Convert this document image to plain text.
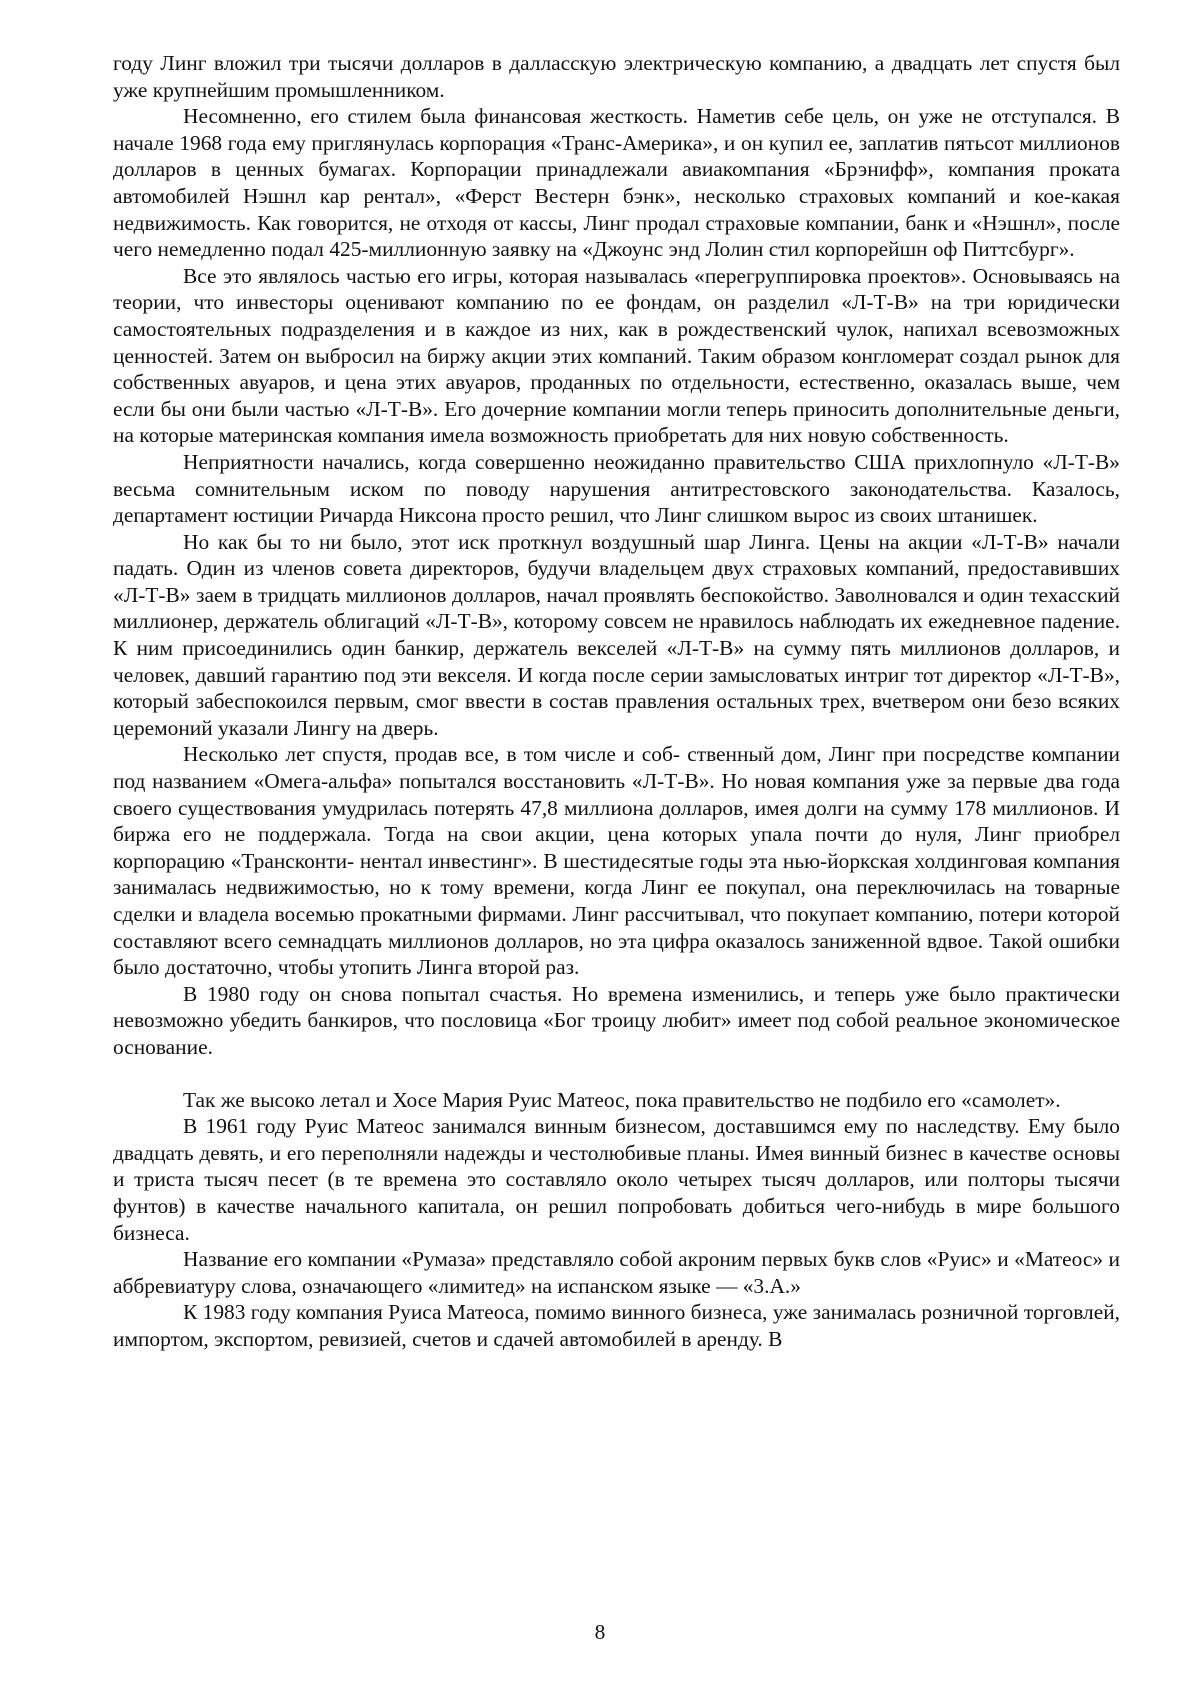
году Линг вложил три тысячи долларов в далласскую электрическую компанию, а двадцать лет спустя был уже крупнейшим промышленником.

Несомненно, его стилем была финансовая жесткость. Наметив себе цель, он уже не отступался. В начале 1968 года ему приглянулась корпорация «Транс-Америка», и он купил ее, заплатив пятьсот миллионов долларов в ценных бумагах. Корпорации принадлежали авиакомпания «Брэнифф», компания проката автомобилей Нэшнл кар рентал», «Ферст Вестерн бэнк», несколько страховых компаний и кое-какая недвижимость. Как говорится, не отходя от кассы, Линг продал страховые компании, банк и «Нэшнл», после чего немедленно подал 425-миллионную заявку на «Джоунс энд Лолин стил корпорейшн оф Питтсбург».

Все это являлось частью его игры, которая называлась «перегруппировка проектов». Основываясь на теории, что инвесторы оценивают компанию по ее фондам, он разделил «Л-Т-В» на три юридически самостоятельных подразделения и в каждое из них, как в рождественский чулок, напихал всевозможных ценностей. Затем он выбросил на биржу акции этих компаний. Таким образом конгломерат создал рынок для собственных авуаров, и цена этих авуаров, проданных по отдельности, естественно, оказалась выше, чем если бы они были частью «Л-Т-В». Его дочерние компании могли теперь приносить дополнительные деньги, на которые материнская компания имела возможность приобретать для них новую собственность.

Неприятности начались, когда совершенно неожиданно правительство США прихлопнуло «Л-Т-В» весьма сомнительным иском по поводу нарушения антитрестовского законодательства. Казалось, департамент юстиции Ричарда Никсона просто решил, что Линг слишком вырос из своих штанишек.

Но как бы то ни было, этот иск проткнул воздушный шар Линга. Цены на акции «Л-Т-В» начали падать. Один из членов совета директоров, будучи владельцем двух страховых компаний, предоставивших «Л-Т-В» заем в тридцать миллионов долларов, начал проявлять беспокойство. Заволновался и один техасский миллионер, держатель облигаций «Л-Т-В», которому совсем не нравилось наблюдать их ежедневное падение. К ним присоединились один банкир, держатель векселей «Л-Т-В» на сумму пять миллионов долларов, и человек, давший гарантию под эти векселя. И когда после серии замысловатых интриг тот директор «Л-Т-В», который забеспокоился первым, смог ввести в состав правления остальных трех, вчетвером они безо всяких церемоний указали Лингу на дверь.

Несколько лет спустя, продав все, в том числе и соб- ственный дом, Линг при посредстве компании под названием «Омега-альфа» попытался восстановить «Л-Т-В». Но новая компания уже за первые два года своего существования умудрилась потерять 47,8 миллиона долларов, имея долги на сумму 178 миллионов. И биржа его не поддержала. Тогда на свои акции, цена которых упала почти до нуля, Линг приобрел корпорацию «Трансконти- нентал инвестинг». В шестидесятые годы эта нью-йоркская холдинговая компания занималась недвижимостью, но к тому времени, когда Линг ее покупал, она переключилась на товарные сделки и владела восемью прокатными фирмами. Линг рассчитывал, что покупает компанию, потери которой составляют всего семнадцать миллионов долларов, но эта цифра оказалось заниженной вдвое. Такой ошибки было достаточно, чтобы утопить Линга второй раз.

В 1980 году он снова попытал счастья. Но времена изменились, и теперь уже было практически невозможно убедить банкиров, что пословица «Бог троицу любит» имеет под собой реальное экономическое основание.

Так же высоко летал и Хосе Мария Руис Матеос, пока правительство не подбило его «самолет».

В 1961 году Руис Матеос занимался винным бизнесом, доставшимся ему по наследству. Ему было двадцать девять, и его переполняли надежды и честолюбивые планы. Имея винный бизнес в качестве основы и триста тысяч песет (в те времена это составляло около четырех тысяч долларов, или полторы тысячи фунтов) в качестве начального капитала, он решил попробовать добиться чего-нибудь в мире большого бизнеса.

Название его компании «Румаза» представляло собой акроним первых букв слов «Руис» и «Матеос» и аббревиатуру слова, означающего «лимитед» на испанском языке — «3.А.»

К 1983 году компания Руиса Матеоса, помимо винного бизнеса, уже занималась розничной торговлей, импортом, экспортом, ревизией, счетов и сдачей автомобилей в аренду. В

8
